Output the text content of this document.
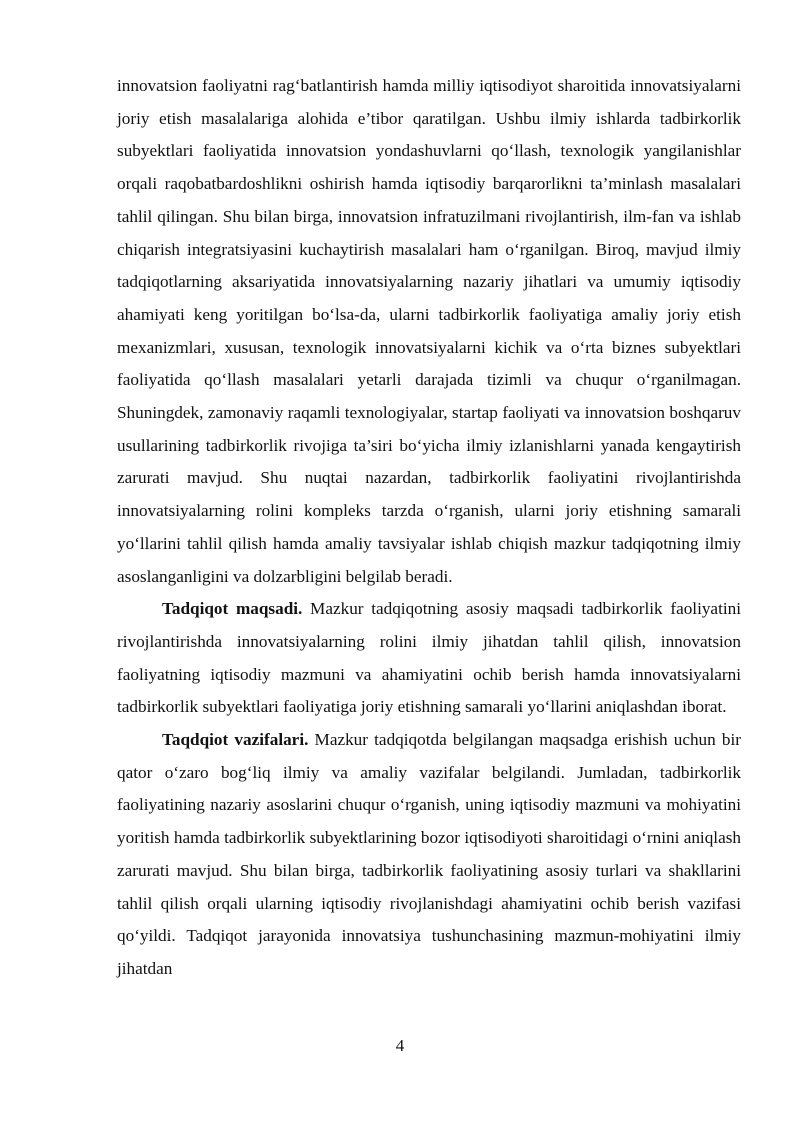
innovatsion faoliyatni rag‘batlantirish hamda milliy iqtisodiyot sharoitida innovatsiyalarni joriy etish masalalariga alohida e’tibor qaratilgan. Ushbu ilmiy ishlarda tadbirkorlik subyektlari faoliyatida innovatsion yondashuvlarni qo‘llash, texnologik yangilanishlar orqali raqobatbardoshlikni oshirish hamda iqtisodiy barqarorlikni ta’minlash masalalari tahlil qilingan. Shu bilan birga, innovatsion infratuzilmani rivojlantirish, ilm-fan va ishlab chiqarish integratsiyasini kuchaytirish masalalari ham o‘rganilgan. Biroq, mavjud ilmiy tadqiqotlarning aksariyatida innovatsiyalarning nazariy jihatlari va umumiy iqtisodiy ahamiyati keng yoritilgan bo‘lsa-da, ularni tadbirkorlik faoliyatiga amaliy joriy etish mexanizmlari, xususan, texnologik innovatsiyalarni kichik va o‘rta biznes subyektlari faoliyatida qo‘llash masalalari yetarli darajada tizimli va chuqur o‘rganilmagan. Shuningdek, zamonaviy raqamli texnologiyalar, startap faoliyati va innovatsion boshqaruv usullarining tadbirkorlik rivojiga ta’siri bo‘yicha ilmiy izlanishlarni yanada kengaytirish zarurati mavjud. Shu nuqtai nazardan, tadbirkorlik faoliyatini rivojlantirishda innovatsiyalarning rolini kompleks tarzda o‘rganish, ularni joriy etishning samarali yo‘llarini tahlil qilish hamda amaliy tavsiyalar ishlab chiqish mazkur tadqiqotning ilmiy asoslanganligini va dolzarbligini belgilab beradi.

Tadqiqot maqsadi. Mazkur tadqiqotning asosiy maqsadi tadbirkorlik faoliyatini rivojlantirishda innovatsiyalarning rolini ilmiy jihatdan tahlil qilish, innovatsion faoliyatning iqtisodiy mazmuni va ahamiyatini ochib berish hamda innovatsiyalarni tadbirkorlik subyektlari faoliyatiga joriy etishning samarali yo‘llarini aniqlashdan iborat.

Taqdqiot vazifalari. Mazkur tadqiqotda belgilangan maqsadga erishish uchun bir qator o‘zaro bog‘liq ilmiy va amaliy vazifalar belgilandi. Jumladan, tadbirkorlik faoliyatining nazariy asoslarini chuqur o‘rganish, uning iqtisodiy mazmuni va mohiyatini yoritish hamda tadbirkorlik subyektlarining bozor iqtisodiyoti sharoitidagi o‘rnini aniqlash zarurati mavjud. Shu bilan birga, tadbirkorlik faoliyatining asosiy turlari va shakllarini tahlil qilish orqali ularning iqtisodiy rivojlanishdagi ahamiyatini ochib berish vazifasi qo‘yildi. Tadqiqot jarayonida innovatsiya tushunchasining mazmun-mohiyatini ilmiy jihatdan

4
